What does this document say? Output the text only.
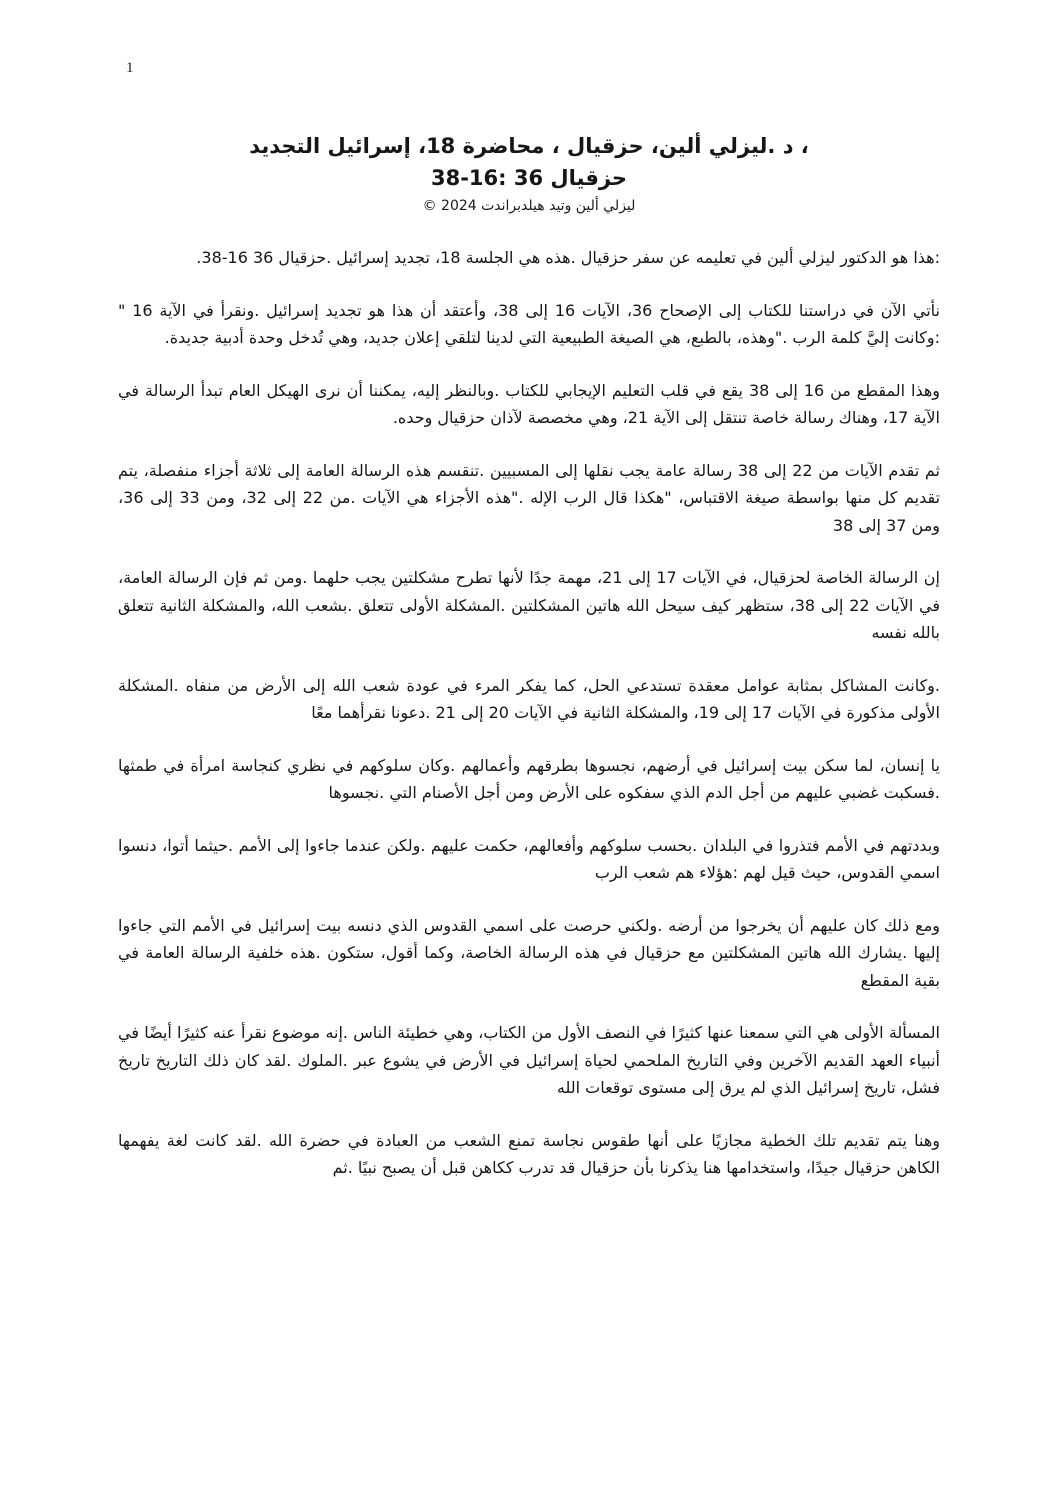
1
، د .ليزلي ألين، حزقيال ، محاضرة 18، إسرائيل التجديد
حزقيال 36 :16-38
ليزلي ألين وتيد هيلدبراندت 2024 ©

:هذا هو الدكتور ليزلي ألين في تعليمه عن سفر حزقيال .هذه هي الجلسة 18، تجديد إسرائيل .حزقيال 36 16-38.

نأتي الآن في دراستنا للكتاب إلى الإصحاح 36، الآيات 16 إلى 38، وأعتقد أن هذا هو تجديد إسرائيل .ونقرأ في الآية 16 " :وكانت إليَّ كلمة الرب ."وهذه، بالطبع، هي الصيغة الطبيعية التي لدينا لتلقي إعلان جديد، وهي تُدخل وحدة أدبية جديدة.

وهذا المقطع من 16 إلى 38 يقع في قلب التعليم الإيجابي للكتاب .وبالنظر إليه، يمكننا أن نرى الهيكل العام تبدأ الرسالة في الآية 17، وهناك رسالة خاصة تنتقل إلى الآية 21، وهي مخصصة لآذان حزقيال وحده.

ثم تقدم الآيات من 22 إلى 38 رسالة عامة يجب نقلها إلى المسبيين .تنقسم هذه الرسالة العامة إلى ثلاثة أجزاء منفصلة، يتم تقديم كل منها بواسطة صيغة الاقتباس، "هكذا قال الرب الإله ."هذه الأجزاء هي الآيات .من 22 إلى 32، ومن 33 إلى 36، ومن 37 إلى 38

إن الرسالة الخاصة لحزقيال، في الآيات 17 إلى 21، مهمة جدًا لأنها تطرح مشكلتين يجب حلهما .ومن ثم فإن الرسالة العامة، في الآيات 22 إلى 38، ستظهر كيف سيحل الله هاتين المشكلتين .المشكلة الأولى تتعلق .بشعب الله، والمشكلة الثانية تتعلق بالله نفسه

.وكانت المشاكل بمثابة عوامل معقدة تستدعي الحل، كما يفكر المرء في عودة شعب الله إلى الأرض من منفاه .المشكلة الأولى مذكورة في الآيات 17 إلى 19، والمشكلة الثانية في الآيات 20 إلى 21 .دعونا نقرأهما معًا

يا إنسان، لما سكن بيت إسرائيل في أرضهم، نجسوها بطرقهم وأعمالهم .وكان سلوكهم في نظري كنجاسة امرأة في طمثها .فسكبت غضبي عليهم من أجل الدم الذي سفكوه على الأرض ومن أجل الأصنام التي .نجسوها

وبددتهم في الأمم فتذروا في البلدان .بحسب سلوكهم وأفعالهم، حكمت عليهم .ولكن عندما جاءوا إلى الأمم .حيثما أتوا، دنسوا اسمي القدوس، حيث قيل لهم :هؤلاء هم شعب الرب

ومع ذلك كان عليهم أن يخرجوا من أرضه .ولكني حرصت على اسمي القدوس الذي دنسه بيت إسرائيل في الأمم التي جاءوا إليها .يشارك الله هاتين المشكلتين مع حزقيال في هذه الرسالة الخاصة، وكما أقول، ستكون .هذه خلفية الرسالة العامة في بقية المقطع

المسألة الأولى هي التي سمعنا عنها كثيرًا في النصف الأول من الكتاب، وهي خطيئة الناس .إنه موضوع نقرأ عنه كثيرًا أيضًا في أنبياء العهد القديم الآخرين وفي التاريخ الملحمي لحياة إسرائيل في الأرض في يشوع عبر .الملوك .لقد كان ذلك التاريخ تاريخ فشل، تاريخ إسرائيل الذي لم يرق إلى مستوى توقعات الله

وهنا يتم تقديم تلك الخطية مجازيًا على أنها طقوس نجاسة تمنع الشعب من العبادة في حضرة الله .لقد كانت لغة يفهمها الكاهن حزقيال جيدًا، واستخدامها هنا يذكرنا بأن حزقيال قد تدرب ككاهن قبل أن يصبح نبيًا .ثم
